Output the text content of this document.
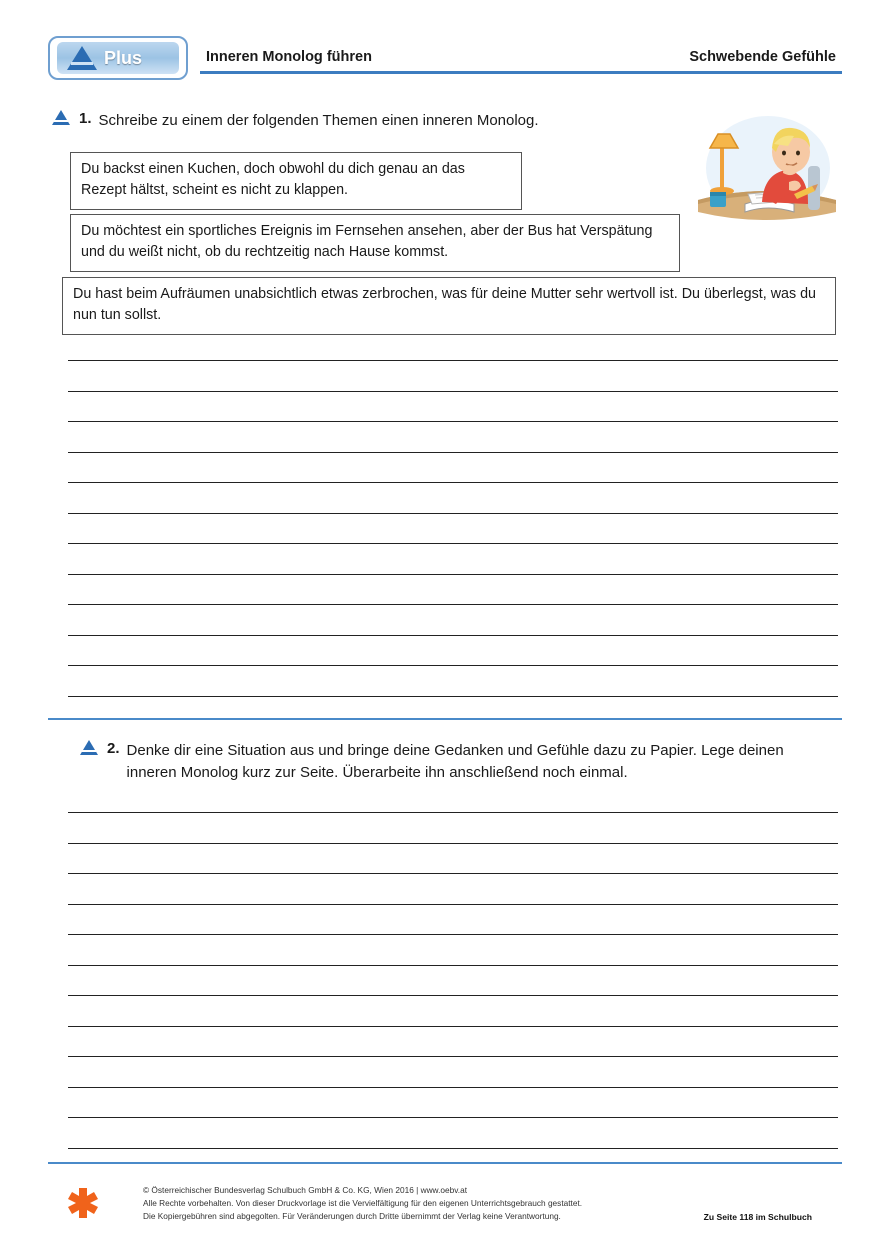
Plus	Inneren Monolog führen	Schwebende Gefühle
1. Schreibe zu einem der folgenden Themen einen inneren Monolog.
Du backst einen Kuchen, doch obwohl du dich genau an das Rezept hältst, scheint es nicht zu klappen.
Du möchtest ein sportliches Ereignis im Fernsehen ansehen, aber der Bus hat Verspätung und du weißt nicht, ob du rechtzeitig nach Hause kommst.
Du hast beim Aufräumen unabsichtlich etwas zerbrochen, was für deine Mutter sehr wertvoll ist. Du überlegst, was du nun tun sollst.
2. Denke dir eine Situation aus und bringe deine Gedanken und Gefühle dazu zu Papier. Lege deinen inneren Monolog kurz zur Seite. Überarbeite ihn anschließend noch einmal.
© Österreichischer Bundesverlag Schulbuch GmbH & Co. KG, Wien 2016 | www.oebv.at
Alle Rechte vorbehalten. Von dieser Druckvorlage ist die Vervielfältigung für den eigenen Unterrichtsgebrauch gestattet.
Die Kopiergebühren sind abgegolten. Für Veränderungen durch Dritte übernimmt der Verlag keine Verantwortung.	Zu Seite 118 im Schulbuch
